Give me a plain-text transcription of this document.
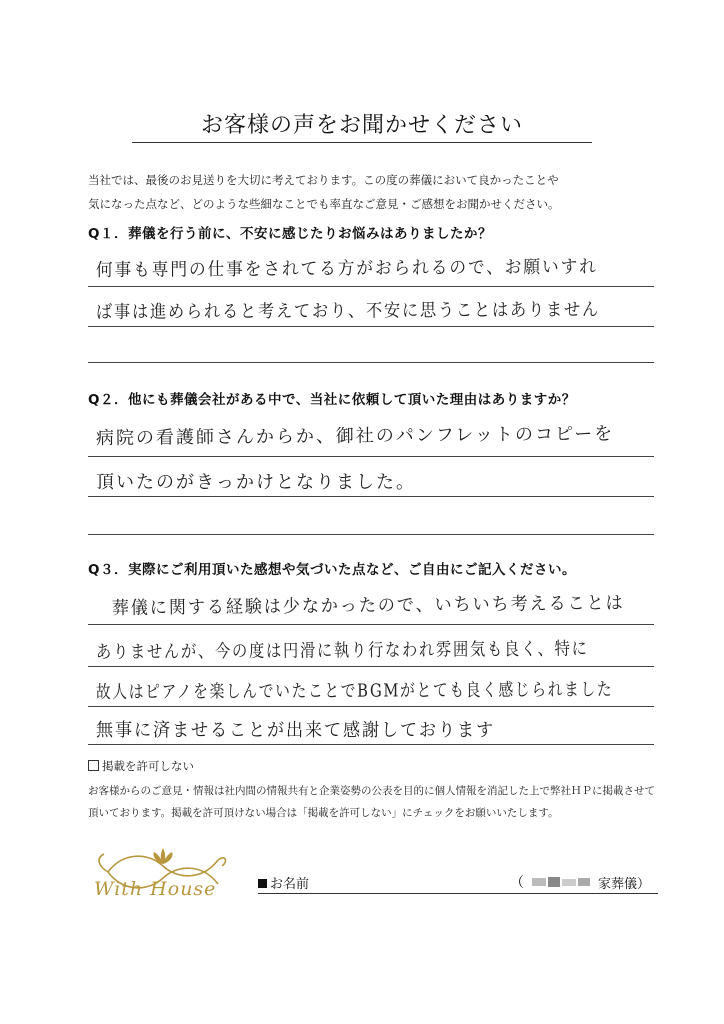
お客様の声をお聞かせください
当社では、最後のお見送りを大切に考えております。この度の葬儀において良かったことや
気になった点など、どのような些細なことでも率直なご意見・ご感想をお聞かせください。
Q１．葬儀を行う前に、不安に感じたりお悩みはありましたか？
何事も専門の仕事をされてる方がおられるので、お願いすれ
ば事は進められると考えており、不安に思うことはありません
Q２．他にも葬儀会社がある中で、当社に依頼して頂いた理由はありますか？
病院の看護師さんからか、御社のパンフレットのコピーを
頂いたのがきっかけとなりました。
Q３．実際にご利用頂いた感想や気づいた点など、ご自由にご記入ください。
葬儀に関する経験は少なかったので、いちいち考えることは
ありませんが、今の度は円滑に執り行なわれ雰囲気も良く、特に
故人はピアノを楽しんでいたことでBGMがとても良く感じられました
無事に済ませることが出来て感謝しております
掲載を許可しない
お客様からのご意見・情報は社内間の情報共有と企業姿勢の公表を目的に個人情報を消記した上で弊社ＨＰに掲載させて
頂いております。掲載を許可頂けない場合は「掲載を許可しない」にチェックをお願いいたします。
With House	お名前	（	家葬儀）
